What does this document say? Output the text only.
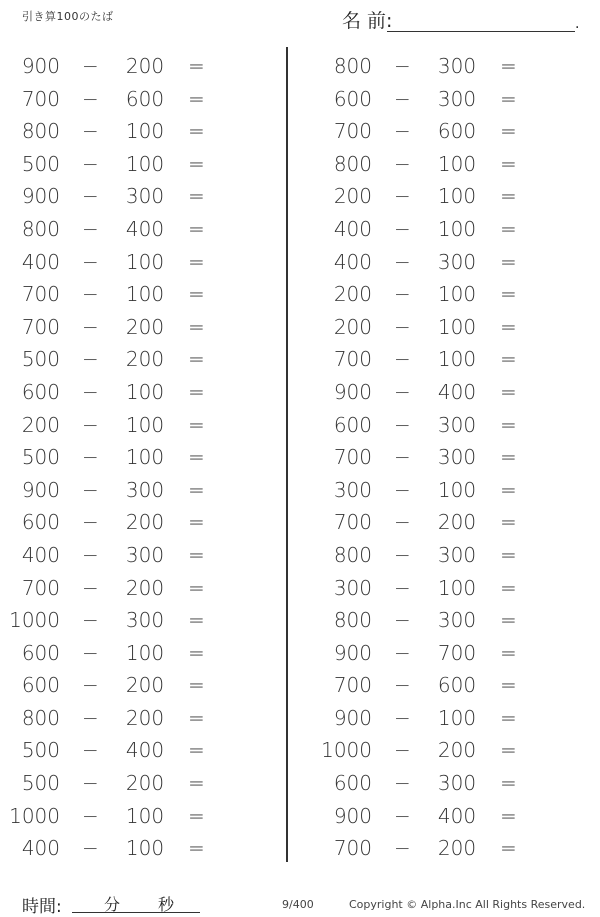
引き算100のたば	名 前:	.
900 − 200 =
700 − 600 =
800 − 100 =
500 − 100 =
900 − 300 =
800 − 400 =
400 − 100 =
700 − 100 =
700 − 200 =
500 − 200 =
600 − 100 =
200 − 100 =
500 − 100 =
900 − 300 =
600 − 200 =
400 − 300 =
700 − 200 =
1000 − 300 =
600 − 100 =
600 − 200 =
800 − 200 =
500 − 400 =
500 − 200 =
1000 − 100 =
400 − 100 =
800 − 300 =
600 − 300 =
700 − 600 =
800 − 100 =
200 − 100 =
400 − 100 =
400 − 300 =
200 − 100 =
200 − 100 =
700 − 100 =
900 − 400 =
600 − 300 =
700 − 300 =
300 − 100 =
700 − 200 =
800 − 300 =
300 − 100 =
800 − 300 =
900 − 700 =
700 − 600 =
900 − 100 =
1000 − 200 =
600 − 300 =
900 − 400 =
700 − 200 =
時間:	分 秒	9/400	Copyright © Alpha.Inc All Rights Reserved.
